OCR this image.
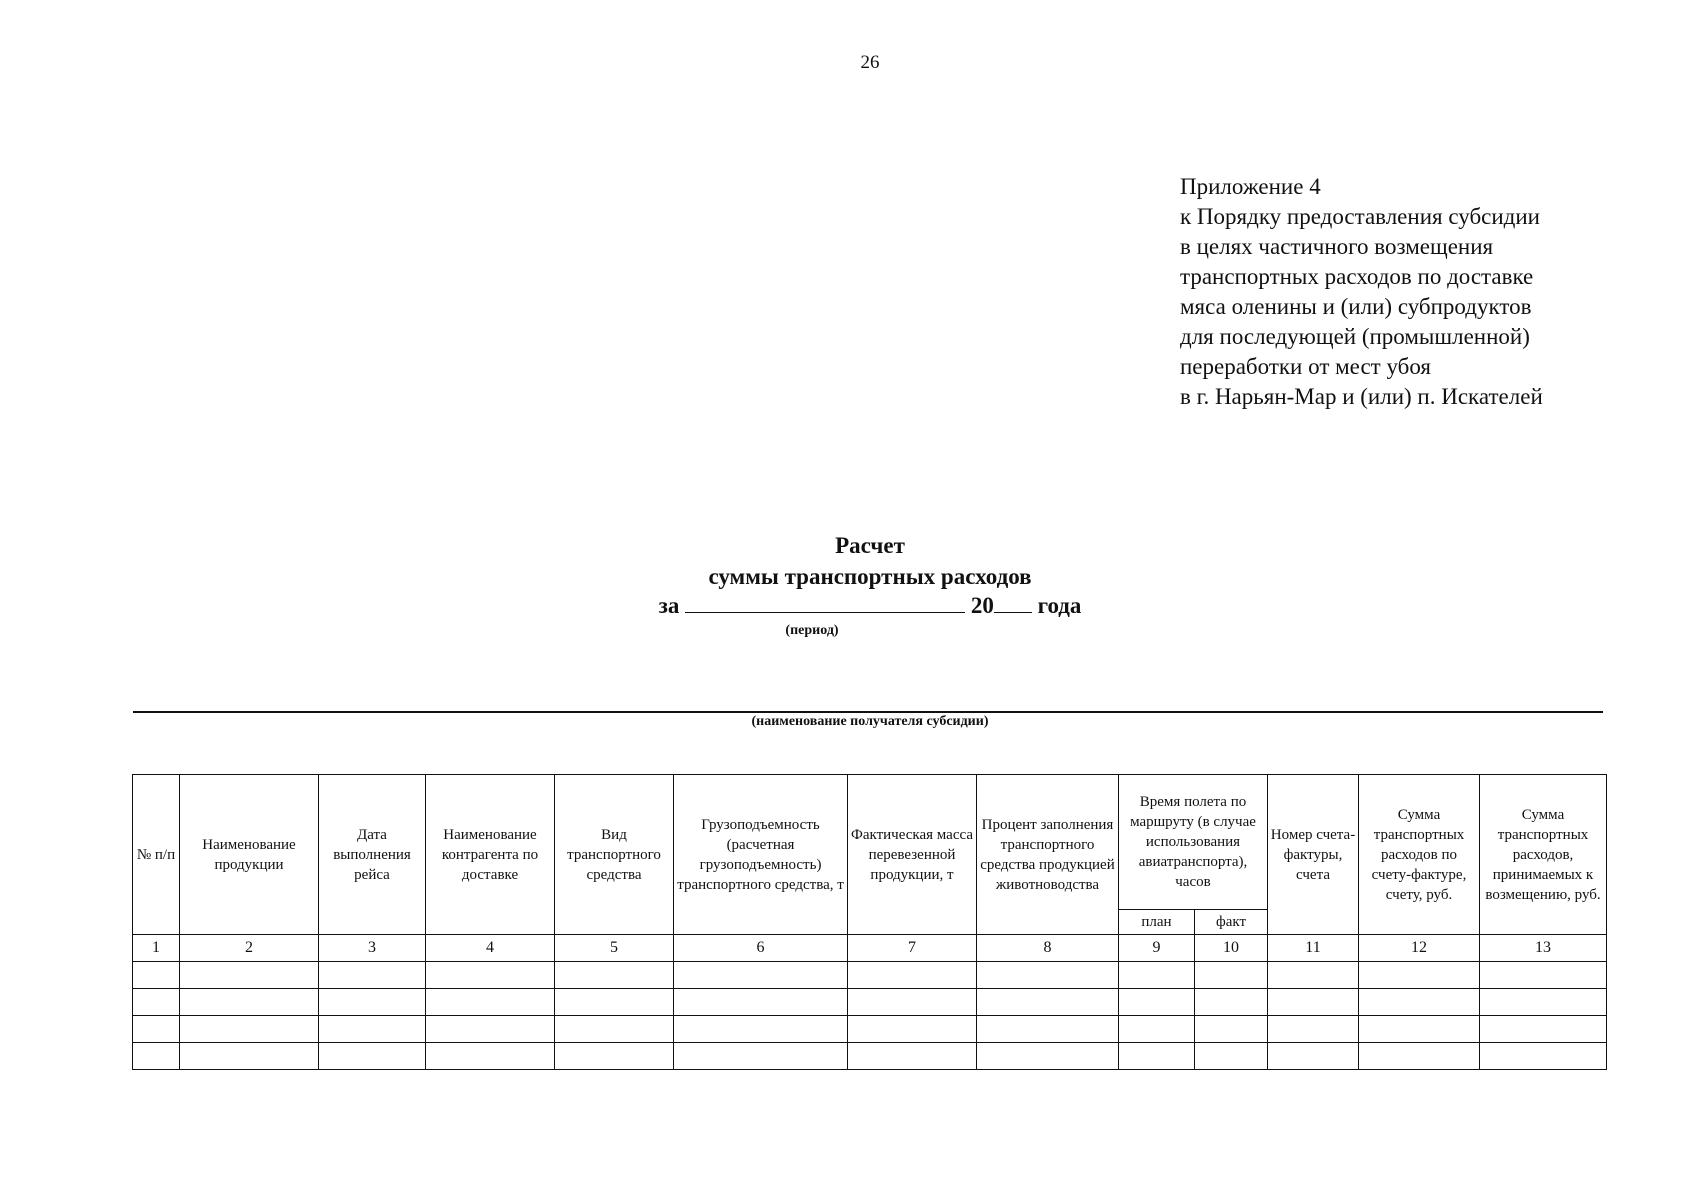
26
Приложение 4
к Порядку предоставления субсидии
в целях частичного возмещения
транспортных расходов по доставке
мяса оленины и (или) субпродуктов
для последующей (промышленной)
переработки от мест убоя
в г. Нарьян-Мар и (или) п. Искателей
Расчет
суммы транспортных расходов
за	20 года
(период)
(наименование получателя субсидии)
№ п/п	Наименование продукции	Дата выполнения рейса	Наименование контрагента по доставке	Вид транспортного средства	Грузоподъемность (расчетная грузоподъемность) транспортного средства, т	Фактическая масса перевезенной продукции, т	Процент заполнения транспортного средства продукцией животноводства	Время полета по маршруту (в случае использования авиатранспорта), часов		Номер счета-фактуры, счета	Сумма транспортных расходов по счету-фактуре, счету, руб.	Сумма транспортных расходов, принимаемых к возмещению, руб.
								план	факт			
1	2	3	4	5	6	7	8	9	10	11	12	13
